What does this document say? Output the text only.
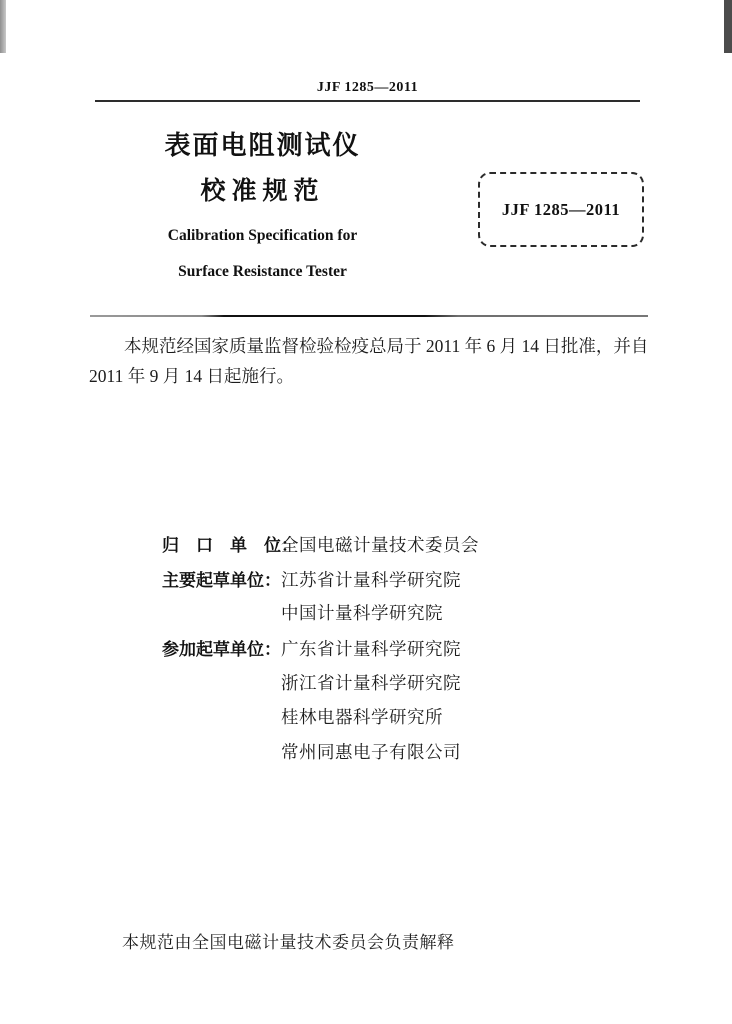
JJF 1285—2011
表面电阻测试仪
校准规范
Calibration Specification for
Surface Resistance Tester
JJF 1285—2011
本规范经国家质量监督检验检疫总局于 2011 年 6 月 14 日批准，并自
2011 年 9 月 14 日起施行。
归　口　单　位：
全国电磁计量技术委员会
主要起草单位： 江苏省计量科学研究院
中国计量科学研究院
参加起草单位： 广东省计量科学研究院
浙江省计量科学研究院
桂林电器科学研究所
常州同惠电子有限公司
本规范由全国电磁计量技术委员会负责解释
